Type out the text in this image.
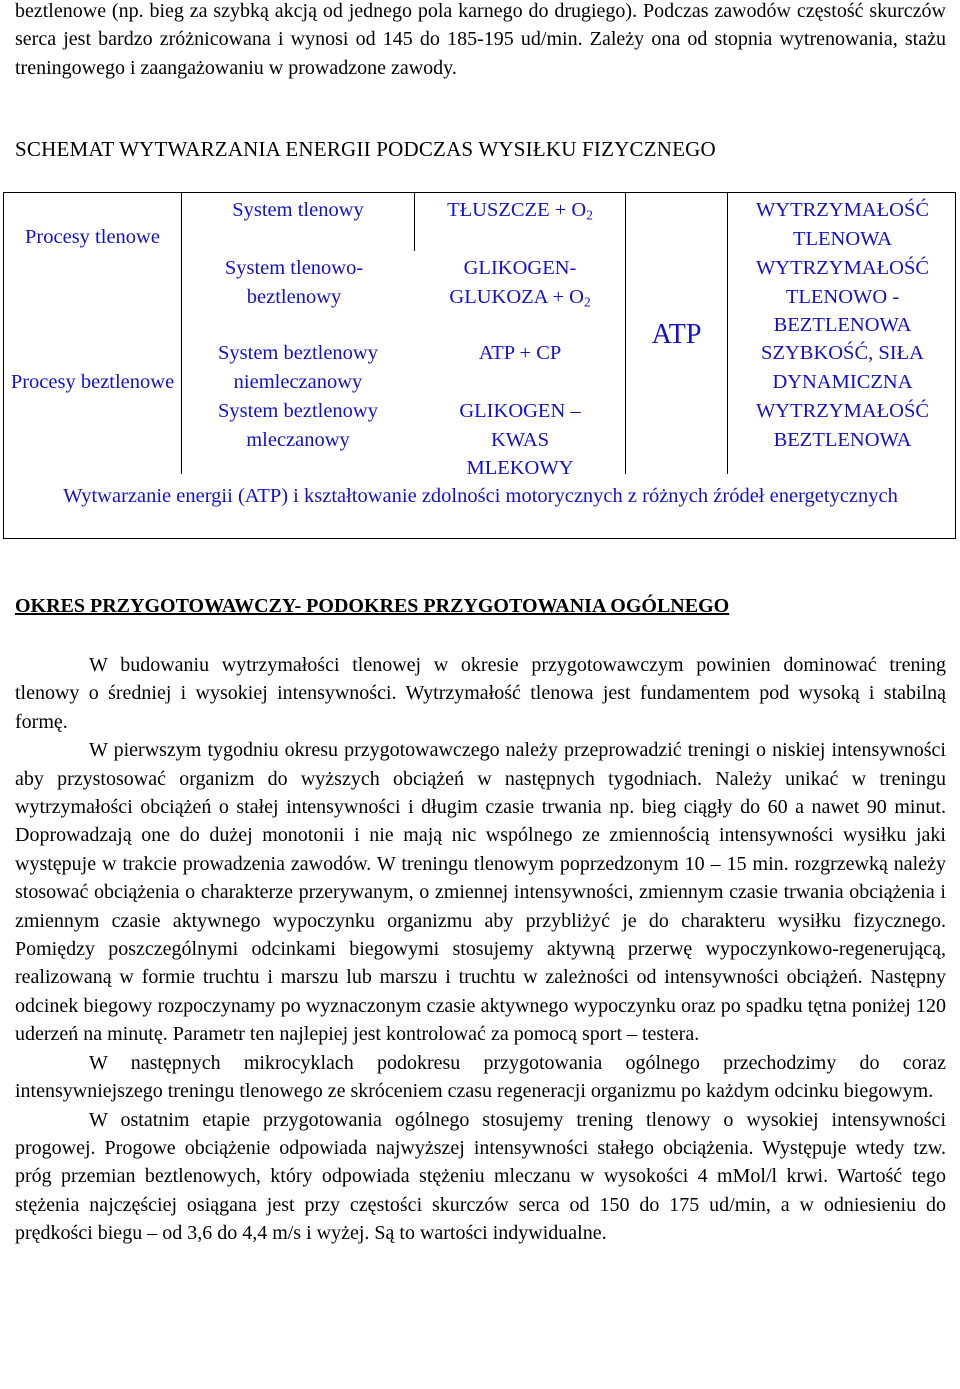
beztlenowe (np. bieg za szybką akcją od jednego pola karnego do drugiego). Podczas zawodów częstość skurczów serca jest bardzo zróżnicowana i wynosi od 145 do 185-195 ud/min. Zależy ona od stopnia wytrenowania, stażu treningowego i zaangażowaniu w prowadzone zawody.

SCHEMAT WYTWARZANIA ENERGII PODCZAS WYSIŁKU FIZYCZNEGO
Procesy tlenowe
Procesy beztlenowe
System tlenowy
System tlenowo-beztlenowy
System beztlenowy niemleczanowy
System beztlenowy mleczanowy
TŁUSZCZE + $O_2$
GLIKOGEN-GLUKOZA + $O_2$
ATP + CP
GLIKOGEN – KWAS MLEKOWY
ATP
WYTRZYMAŁOŚĆ TLENOWA
WYTRZYMAŁOŚĆ TLENOWO - BEZTLENOWA
SZYBKOŚĆ, SIŁA DYNAMICZNA
WYTRZYMAŁOŚĆ BEZTLENOWA
Wytwarzanie energii (ATP) i kształtowanie zdolności motorycznych z różnych źródeł energetycznych
OKRES PRZYGOTOWAWCZY- PODOKRES PRZYGOTOWANIA OGÓLNEGO

W budowaniu wytrzymałości tlenowej w okresie przygotowawczym powinien dominować trening tlenowy o średniej i wysokiej intensywności. Wytrzymałość tlenowa jest fundamentem pod wysoką i stabilną formę.

W pierwszym tygodniu okresu przygotowawczego należy przeprowadzić treningi o niskiej intensywności aby przystosować organizm do wyższych obciążeń w następnych tygodniach. Należy unikać w treningu wytrzymałości obciążeń o stałej intensywności i długim czasie trwania np. bieg ciągły do 60 a nawet 90 minut. Doprowadzają one do dużej monotonii i nie mają nic wspólnego ze zmiennością intensywności wysiłku jaki występuje w trakcie prowadzenia zawodów. W treningu tlenowym poprzedzonym 10 – 15 min. rozgrzewką należy stosować obciążenia o charakterze przerywanym, o zmiennej intensywności, zmiennym czasie trwania obciążenia i zmiennym czasie aktywnego wypoczynku organizmu aby przybliżyć je do charakteru wysiłku fizycznego. Pomiędzy poszczególnymi odcinkami biegowymi stosujemy aktywną przerwę wypoczynkowo-regenerującą, realizowaną w formie truchtu i marszu lub marszu i truchtu w zależności od intensywności obciążeń. Następny odcinek biegowy rozpoczynamy po wyznaczonym czasie aktywnego wypoczynku oraz po spadku tętna poniżej 120 uderzeń na minutę. Parametr ten najlepiej jest kontrolować za pomocą sport – testera.

W następnych mikrocyklach podokresu przygotowania ogólnego przechodzimy do coraz intensywniejszego treningu tlenowego ze skróceniem czasu regeneracji organizmu po każdym odcinku biegowym.

W ostatnim etapie przygotowania ogólnego stosujemy trening tlenowy o wysokiej intensywności progowej. Progowe obciążenie odpowiada najwyższej intensywności stałego obciążenia. Występuje wtedy tzw. próg przemian beztlenowych, który odpowiada stężeniu mleczanu w wysokości 4 mMol/l krwi. Wartość tego stężenia najczęściej osiągana jest przy częstości skurczów serca od 150 do 175 ud/min, a w odniesieniu do prędkości biegu – od 3,6 do 4,4 m/s i wyżej. Są to wartości indywidualne.
